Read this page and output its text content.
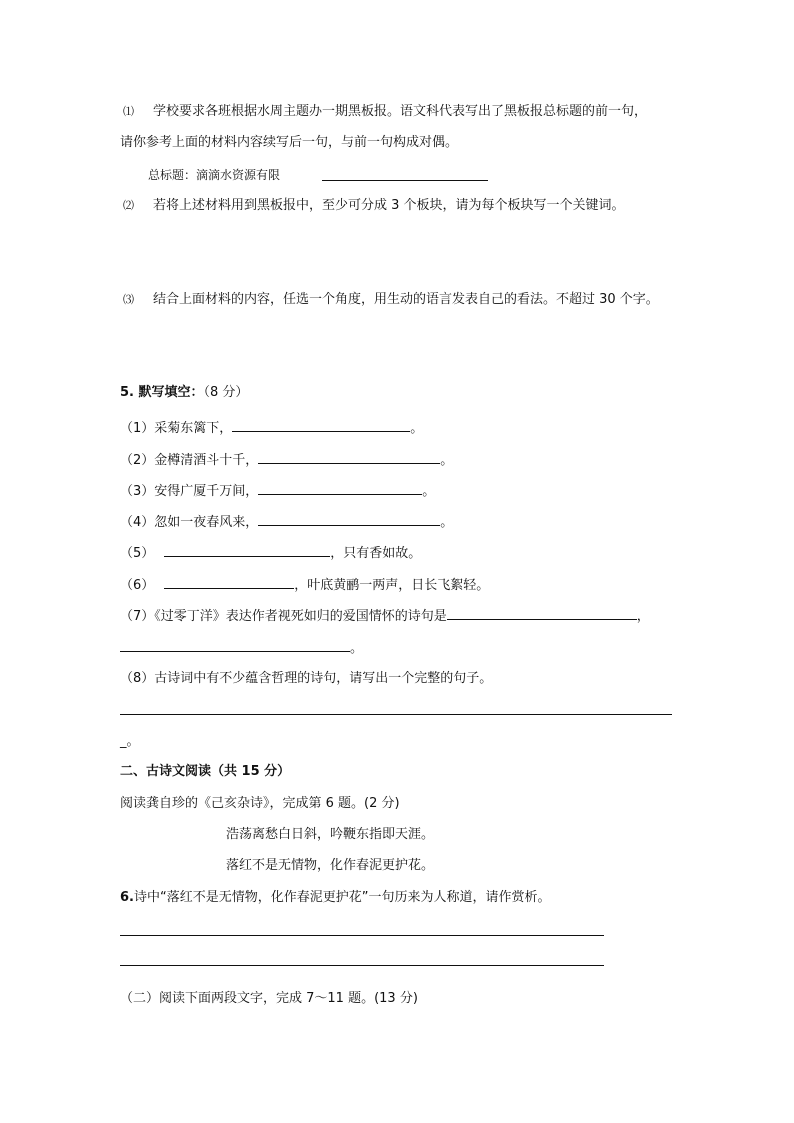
⑴ 学校要求各班根据水周主题办一期黑板报。语文科代表写出了黑板报总标题的前一句，
请你参考上面的材料内容续写后一句，与前一句构成对偶。
总标题：滴滴水资源有限
⑵ 若将上述材料用到黑板报中，至少可分成 3 个板块，请为每个板块写一个关键词。
⑶ 结合上面材料的内容，任选一个角度，用生动的语言发表自己的看法。不超过 30 个字。
5. 默写填空：（8 分）
（1）采菊东篱下，	。
（2）金樽清酒斗十千，	。
（3）安得广厦千万间，	。
（4）忽如一夜春风来，	。
（5）	，只有香如故。
（6）	，叶底黄鹂一两声，日长飞絮轻。
（7）《过零丁洋》表达作者视死如归的爱国情怀的诗句是	，
。
（8）古诗词中有不少蕴含哲理的诗句，请写出一个完整的句子。
_。
二、古诗文阅读（共 15 分）
阅读龚自珍的《己亥杂诗》，完成第 6 题。(2 分)
浩荡离愁白日斜，吟鞭东指即天涯。
落红不是无情物，化作春泥更护花。
6.诗中“落红不是无情物，化作春泥更护花”一句历来为人称道，请作赏析。
（二）阅读下面两段文字，完成 7～11 题。(13 分)
